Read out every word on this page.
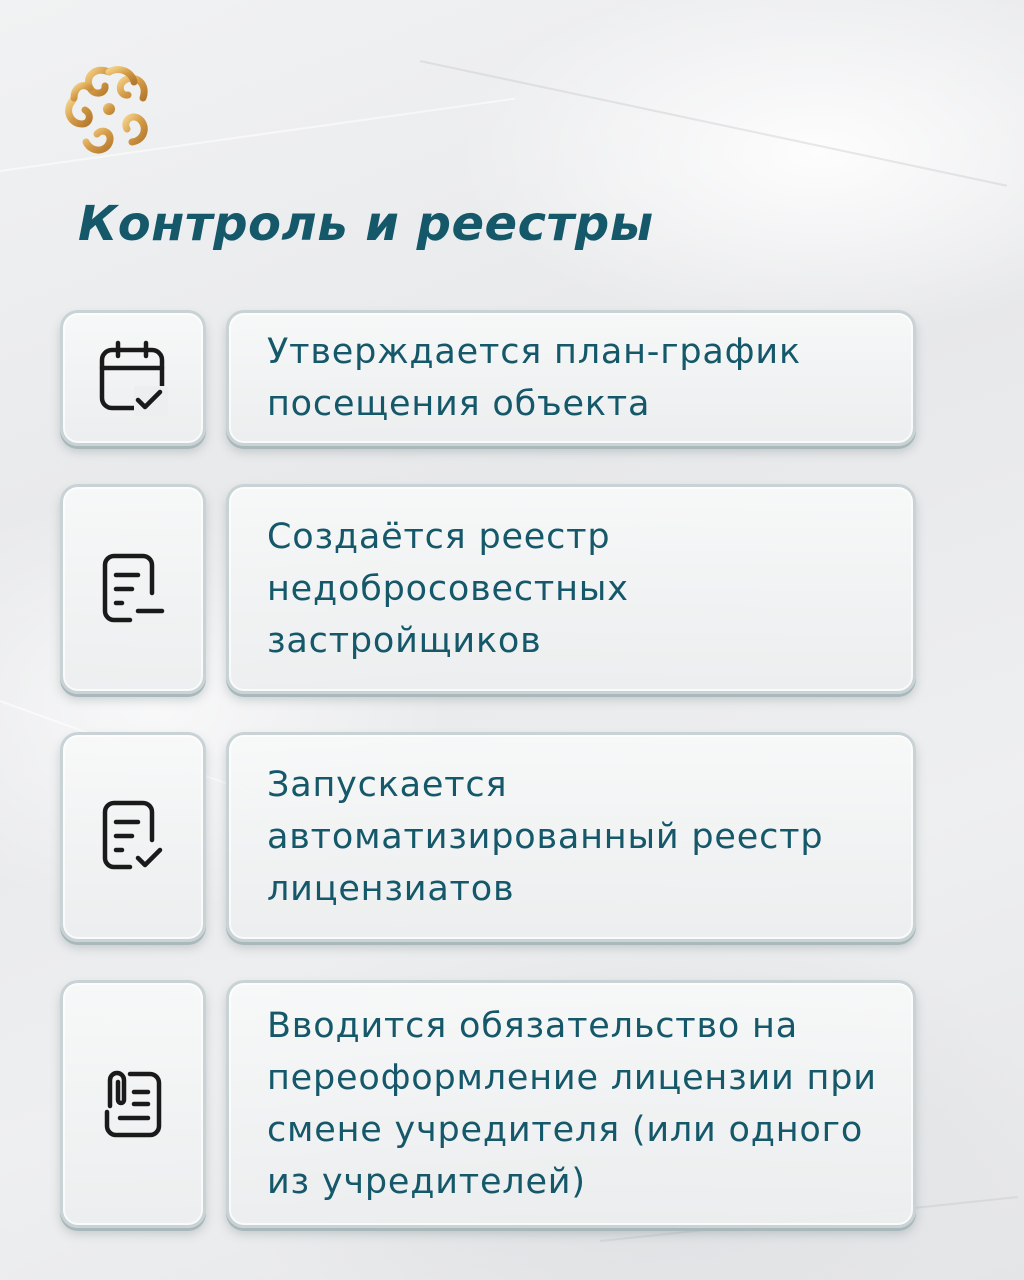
Контроль и реестры

Утверждается план-график посещения объекта

Создаётся реестр недобросовестных застройщиков

Запускается автоматизированный реестр лицензиатов

Вводится обязательство на переоформление лицензии при смене учредителя (или одного из учредителей)
